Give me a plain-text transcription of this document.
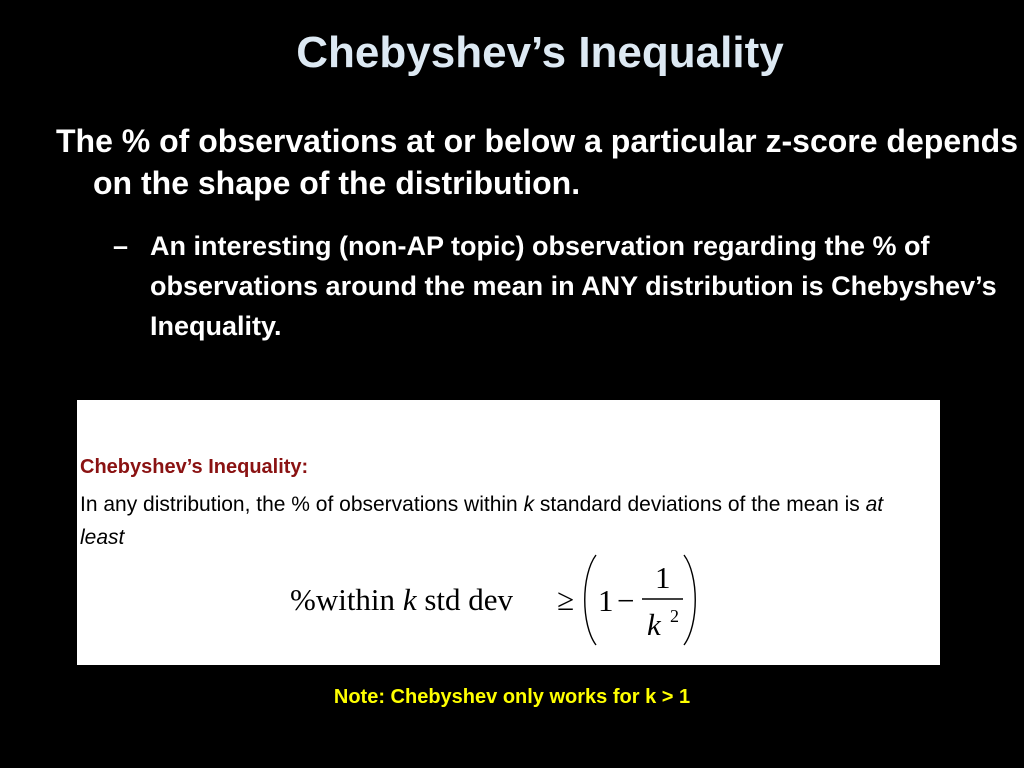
Chebyshev’s Inequality
The % of observations at or below a particular z-score depends on the shape of the distribution.
– An interesting (non-AP topic) observation regarding the % of observations around the mean in ANY distribution is Chebyshev’s Inequality.
Chebyshev’s Inequality:
In any distribution, the % of observations within k standard deviations of the mean is at least
%within k std dev ≥ 1 −
1
k 2
Note: Chebyshev only works for k > 1
